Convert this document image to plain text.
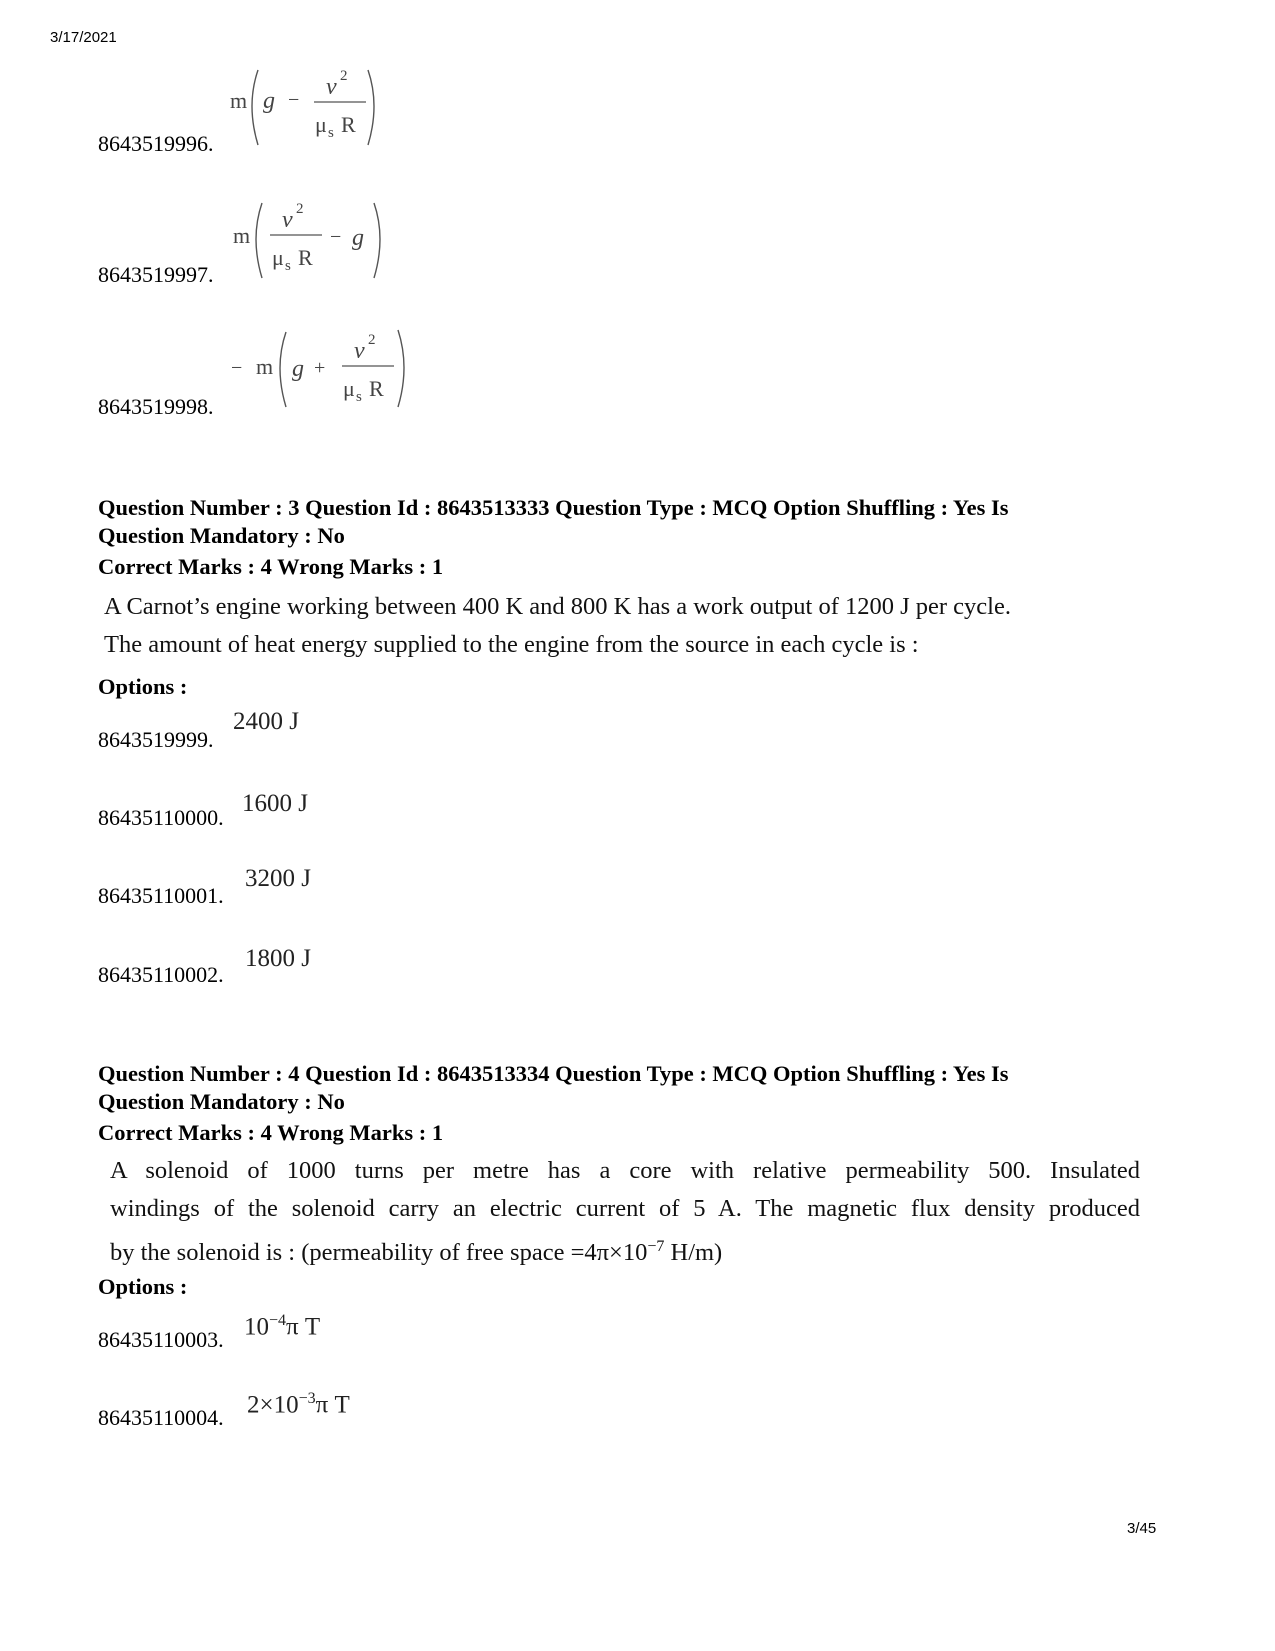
3/17/2021
3/45
8643519996.
m g − v 2
μ s R
8643519997.
m
v 2
μ s R
− g
8643519998.
− m g +
v 2
μ s R
Question Number : 3 Question Id : 8643513333 Question Type : MCQ Option Shuffling : Yes Is
Question Mandatory : No
Correct Marks : 4 Wrong Marks : 1
A Carnot’s engine working between 400 K and 800 K has a work output of 1200 J per cycle.
The amount of heat energy supplied to the engine from the source in each cycle is :
Options :
8643519999.
2400 J
86435110000.
1600 J
86435110001.
3200 J
86435110002.
1800 J
Question Number : 4 Question Id : 8643513334 Question Type : MCQ Option Shuffling : Yes Is
Question Mandatory : No
Correct Marks : 4 Wrong Marks : 1
A solenoid of 1000 turns per metre has a core with relative permeability 500. Insulated
windings of the solenoid carry an electric current of 5 A. The magnetic flux density produced
by the solenoid is : (permeability of free space $=4\pi\times 10^{-7}$ H/m)
Options :
86435110003. $10^{-4}\pi$ T
86435110004. $2\times 10^{-3}\pi$ T
